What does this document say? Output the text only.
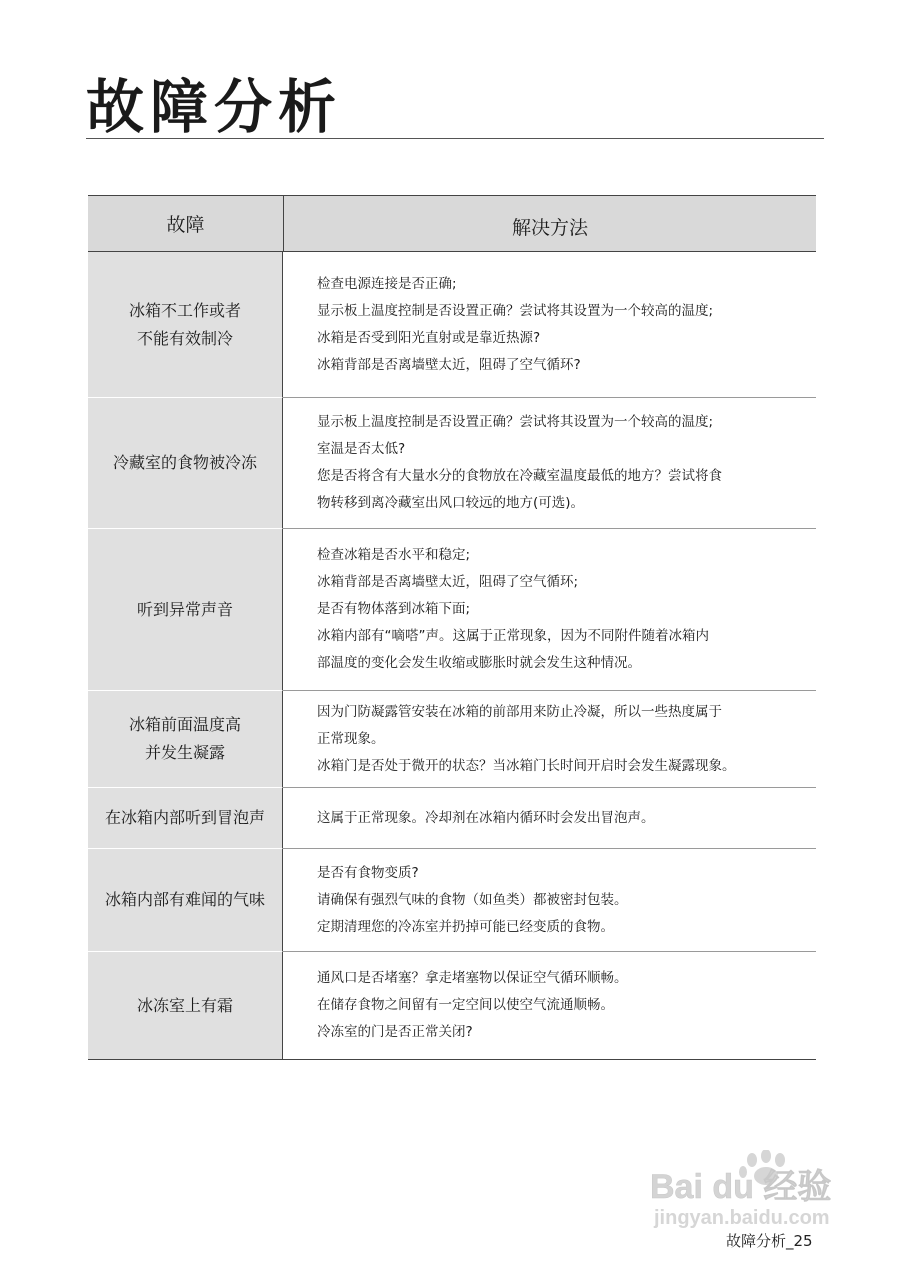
故障分析
故障	解决方法
冰箱不工作或者
不能有效制冷
检查电源连接是否正确;
显示板上温度控制是否设置正确？尝试将其设置为一个较高的温度;
冰箱是否受到阳光直射或是靠近热源?
冰箱背部是否离墙壁太近，阻碍了空气循环?
冷藏室的食物被冷冻
显示板上温度控制是否设置正确？尝试将其设置为一个较高的温度;
室温是否太低?
您是否将含有大量水分的食物放在冷藏室温度最低的地方？尝试将食
物转移到离冷藏室出风口较远的地方(可选)。
听到异常声音
检查冰箱是否水平和稳定;
冰箱背部是否离墙壁太近，阻碍了空气循环;
是否有物体落到冰箱下面;
冰箱内部有“嘀嗒”声。这属于正常现象，因为不同附件随着冰箱内
部温度的变化会发生收缩或膨胀时就会发生这种情况。
冰箱前面温度高
并发生凝露
因为门防凝露管安装在冰箱的前部用来防止冷凝，所以一些热度属于
正常现象。
冰箱门是否处于微开的状态？当冰箱门长时间开启时会发生凝露现象。
在冰箱内部听到冒泡声	这属于正常现象。冷却剂在冰箱内循环时会发出冒泡声。
冰箱内部有难闻的气味
是否有食物变质?
请确保有强烈气味的食物（如鱼类）都被密封包装。
定期清理您的冷冻室并扔掉可能已经变质的食物。
冰冻室上有霜
通风口是否堵塞？拿走堵塞物以保证空气循环顺畅。
在储存食物之间留有一定空间以使空气流通顺畅。
冷冻室的门是否正常关闭?
Bai du 经验
jingyan.baidu.com
故障分析_25
